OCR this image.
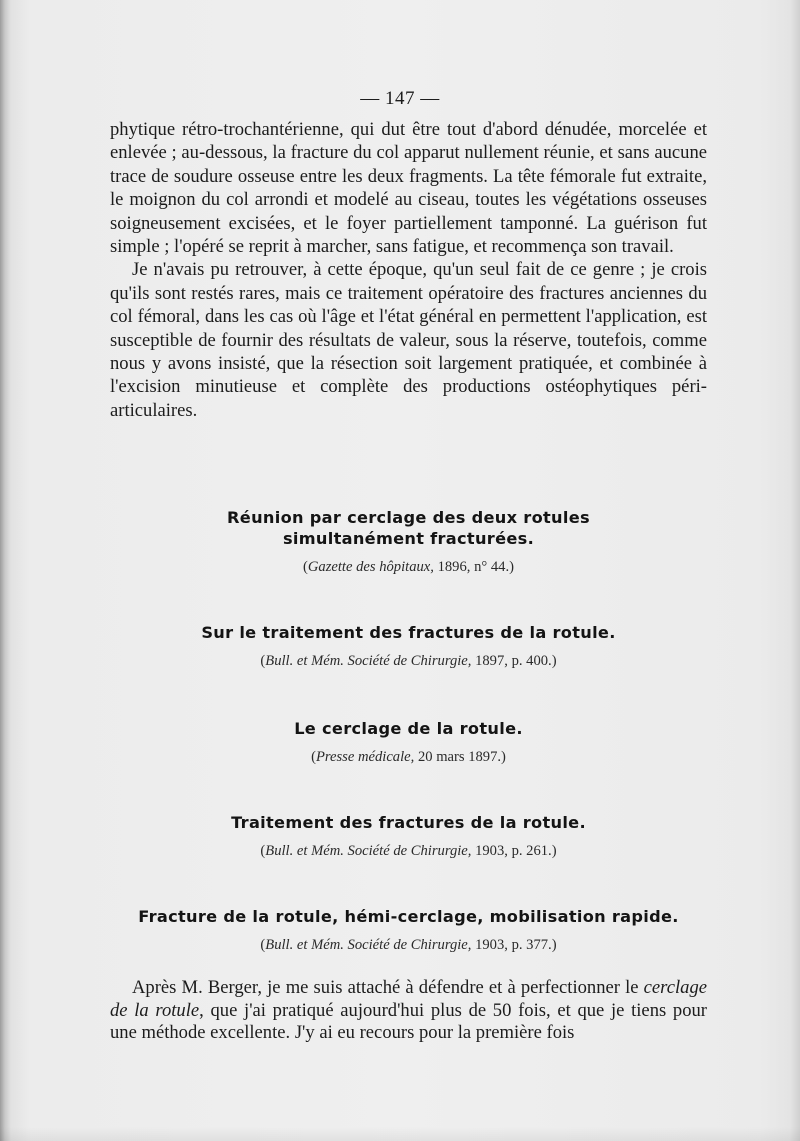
— 147 —

phytique rétro-trochantérienne, qui dut être tout d'abord dénudée, morcelée et enlevée ; au-dessous, la fracture du col apparut nullement réunie, et sans aucune trace de soudure osseuse entre les deux fragments. La tête fémorale fut extraite, le moignon du col arrondi et modelé au ciseau, toutes les végétations osseuses soigneusement excisées, et le foyer partiellement tamponné. La guérison fut simple ; l'opéré se reprit à marcher, sans fatigue, et recommença son travail.

Je n'avais pu retrouver, à cette époque, qu'un seul fait de ce genre ; je crois qu'ils sont restés rares, mais ce traitement opératoire des fractures anciennes du col fémoral, dans les cas où l'âge et l'état général en permettent l'application, est susceptible de fournir des résultats de valeur, sous la réserve, toutefois, comme nous y avons insisté, que la résection soit largement pratiquée, et combinée à l'excision minutieuse et complète des productions ostéophytiques péri-articulaires.

Réunion par cerclage des deux rotules simultanément fracturées.

(Gazette des hôpitaux, 1896, n° 44.)

Sur le traitement des fractures de la rotule.

(Bull. et Mém. Société de Chirurgie, 1897, p. 400.)

Le cerclage de la rotule.

(Presse médicale, 20 mars 1897.)

Traitement des fractures de la rotule.

(Bull. et Mém. Société de Chirurgie, 1903, p. 261.)

Fracture de la rotule, hémi-cerclage, mobilisation rapide.

(Bull. et Mém. Société de Chirurgie, 1903, p. 377.)

Après M. Berger, je me suis attaché à défendre et à perfectionner le cerclage de la rotule, que j'ai pratiqué aujourd'hui plus de 50 fois, et que je tiens pour une méthode excellente. J'y ai eu recours pour la première fois
